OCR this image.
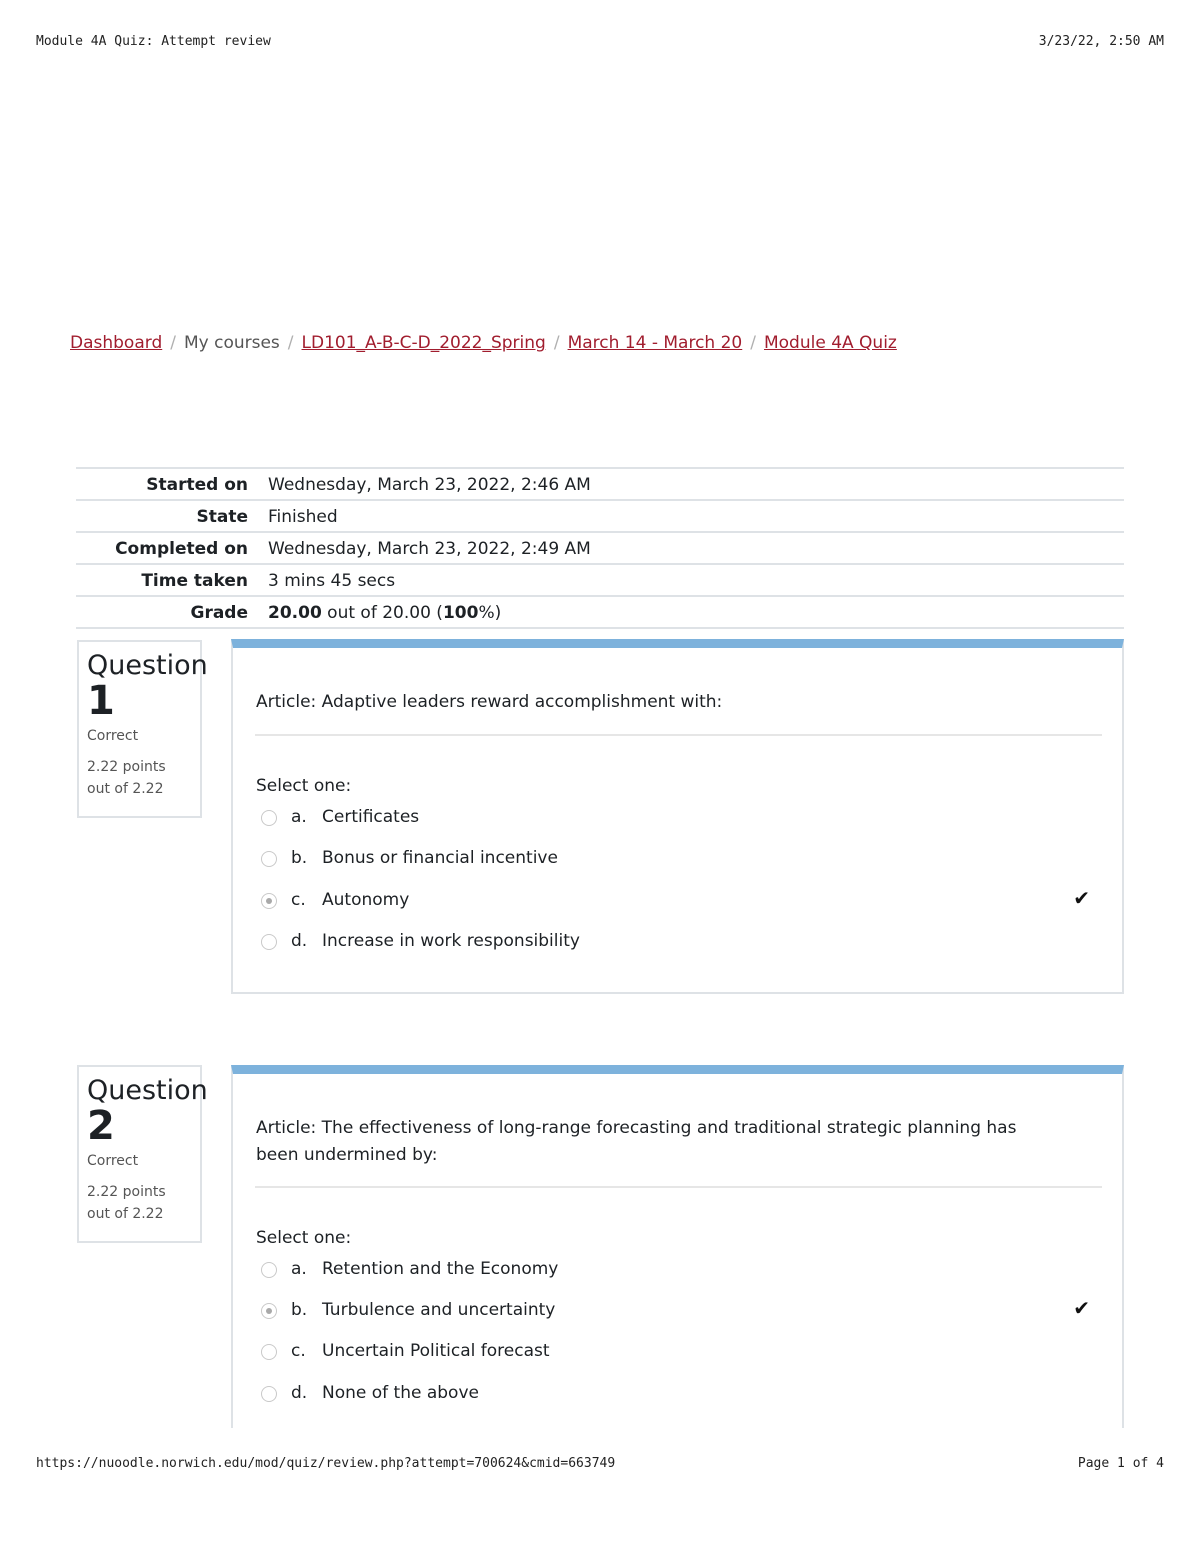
Module 4A Quiz: Attempt review	3/23/22, 2:50 AM
Dashboard / My courses / LD101_A-B-C-D_2022_Spring / March 14 - March 20 / Module 4A Quiz
Started on	Wednesday, March 23, 2022, 2:46 AM
State	Finished
Completed on	Wednesday, March 23, 2022, 2:49 AM
Time taken	3 mins 45 secs
Grade	20.00 out of 20.00 (100%)
Question
1
Correct
2.22 points out of 2.22
Article: Adaptive leaders reward accomplishment with:
Select one:
a. Certificates
b. Bonus or financial incentive
c. Autonomy	✔
d. Increase in work responsibility
Question
2
Correct
2.22 points out of 2.22
Article: The effectiveness of long-range forecasting and traditional strategic planning has been undermined by:
Select one:
a. Retention and the Economy
b. Turbulence and uncertainty	✔
c. Uncertain Political forecast
d. None of the above
https://nuoodle.norwich.edu/mod/quiz/review.php?attempt=700624&cmid=663749	Page 1 of 4
